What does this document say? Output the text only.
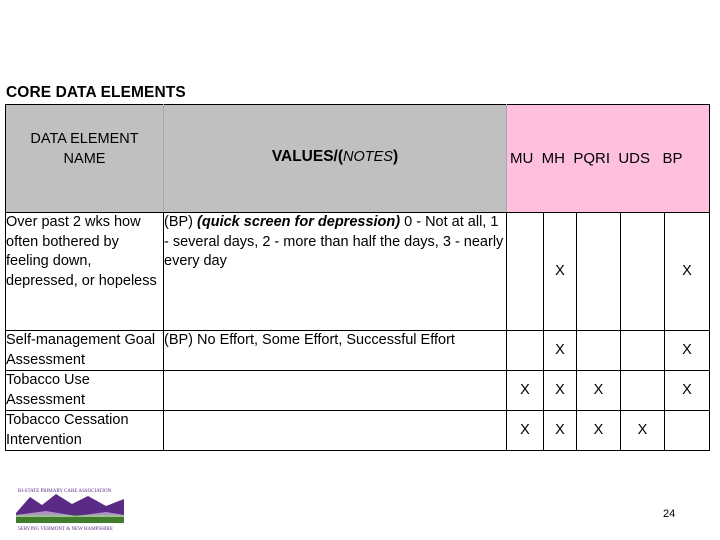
CORE DATA ELEMENTS
DATA ELEMENT
NAME	VALUES/(NOTES)	MU  MH  PQRI  UDS   BP				
Over past 2 wks how often bothered by feeling down, depressed, or hopeless	(BP) (quick screen for depression) 0 - Not at all, 1 - several days, 2 - more than half the days, 3 - nearly every day		X			X
Self-management Goal Assessment	(BP) No Effort, Some Effort, Successful Effort		X			X
Tobacco Use Assessment		X	X	X		X
Tobacco Cessation Intervention		X	X	X	X	
BI-STATE PRIMARY CARE ASSOCIATION
SERVING VERMONT & NEW HAMPSHIRE
24
